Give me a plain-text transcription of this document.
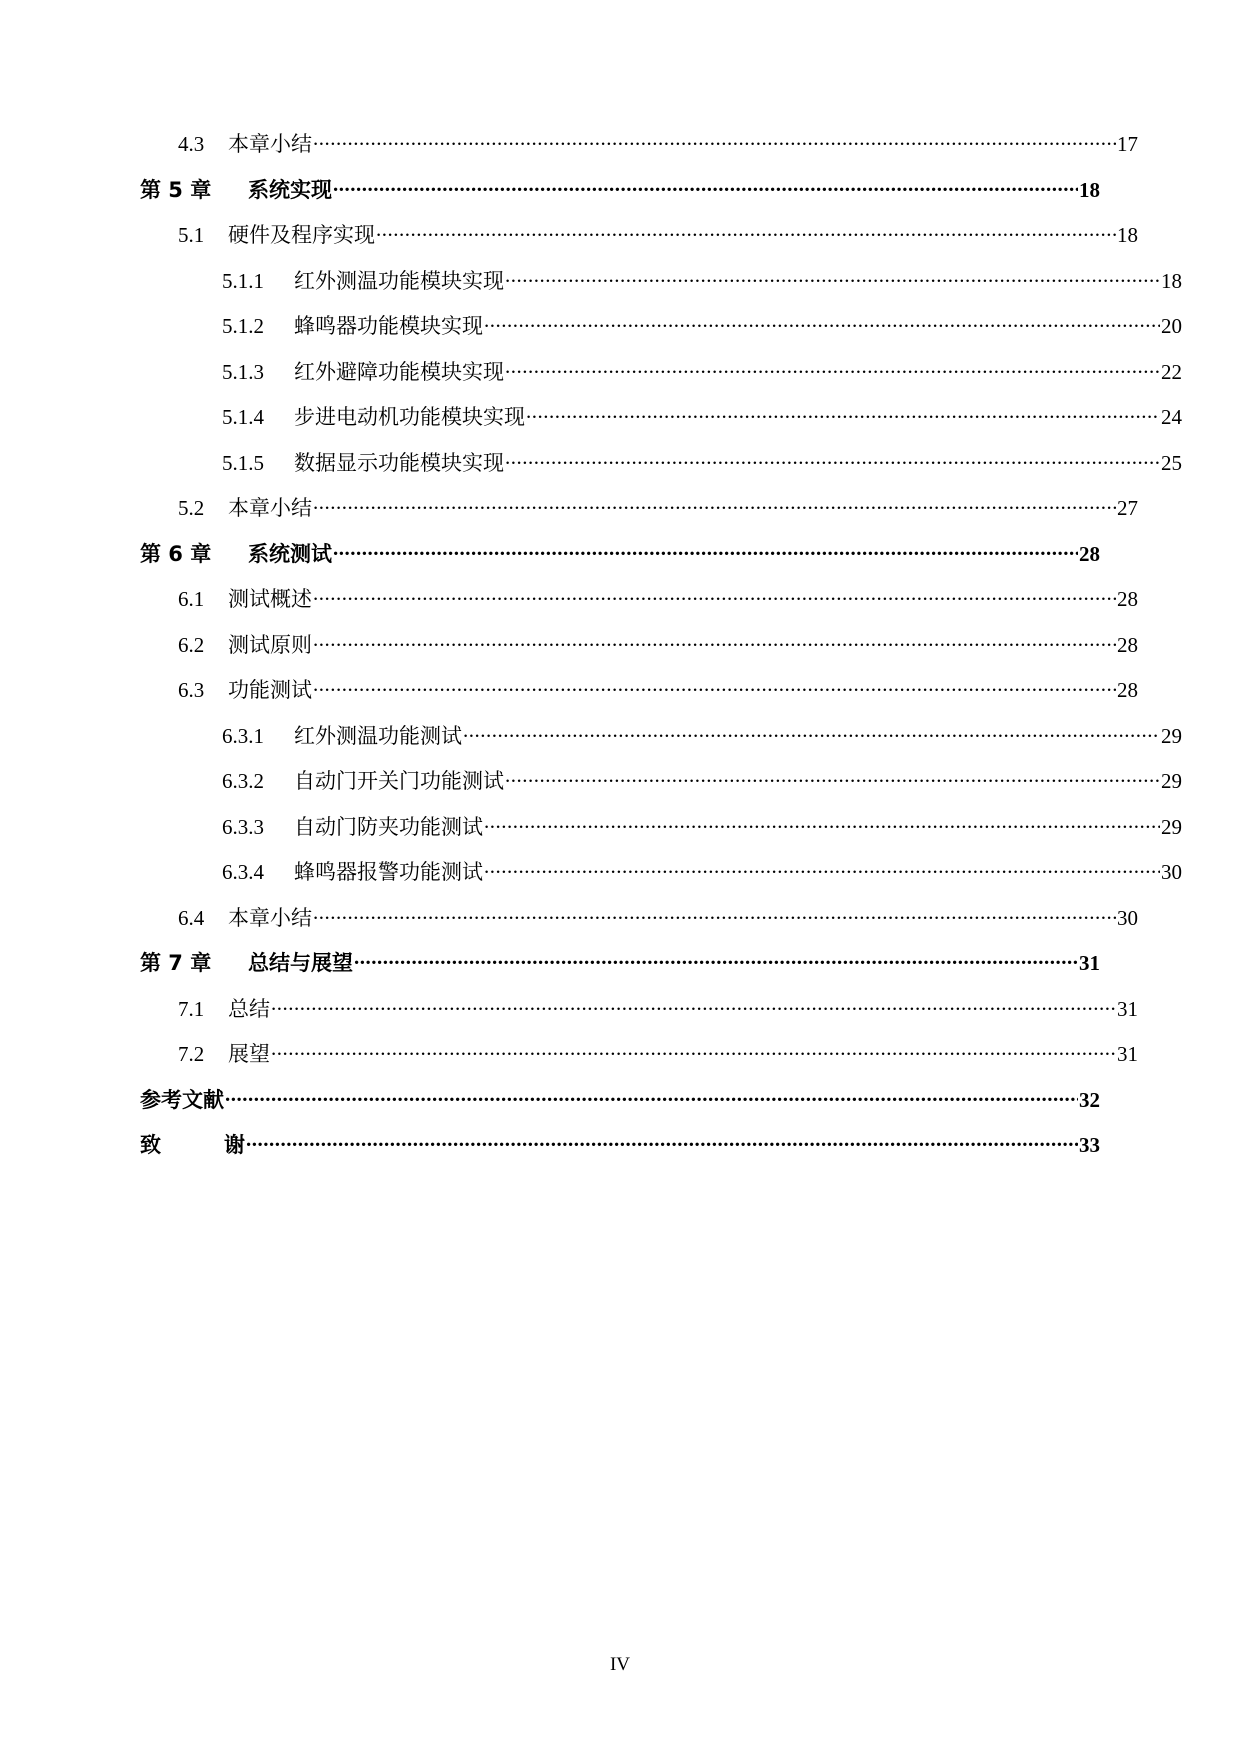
4.3	本章小结 .....	17
第 5 章	系统实现 .....	18
5.1	硬件及程序实现 .....	18
5.1.1	红外测温功能模块实现 .....	18
5.1.2	蜂鸣器功能模块实现 .....	20
5.1.3	红外避障功能模块实现 .....	22
5.1.4	步进电动机功能模块实现 .....	24
5.1.5	数据显示功能模块实现 .....	25
5.2	本章小结 .....	27
第 6 章	系统测试 .....	28
6.1	测试概述 .....	28
6.2	测试原则 .....	28
6.3	功能测试 .....	28
6.3.1	红外测温功能测试 .....	29
6.3.2	自动门开关门功能测试 .....	29
6.3.3	自动门防夹功能测试 .....	29
6.3.4	蜂鸣器报警功能测试 .....	30
6.4	本章小结 .....	30
第 7 章	总结与展望 .....	31
7.1	总结 .....	31
7.2	展望 .....	31
参考文献 .....	32
致   谢 .....	33
IV
